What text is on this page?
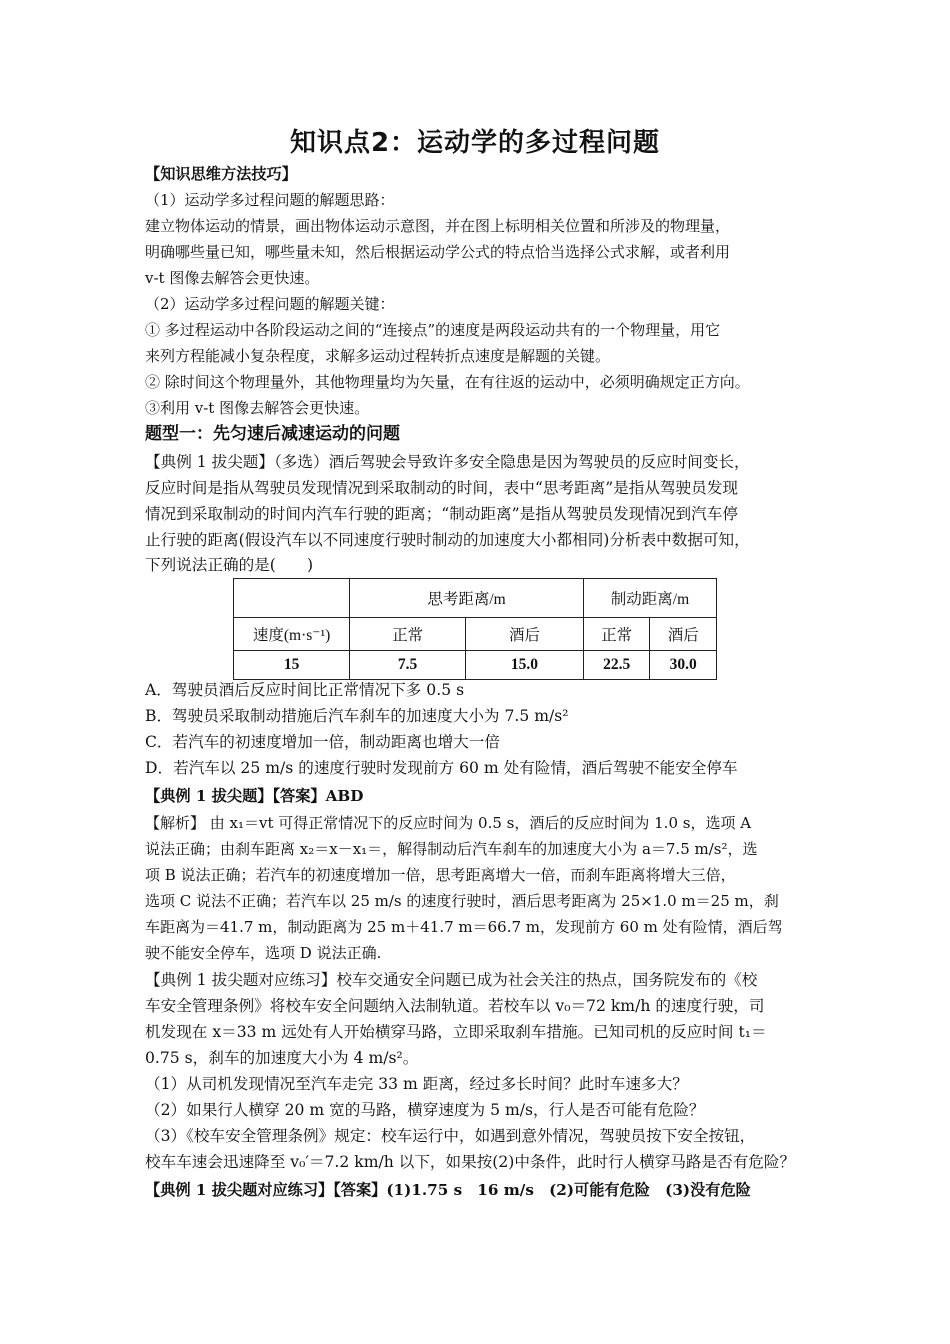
知识点2：运动学的多过程问题
【知识思维方法技巧】
（1）运动学多过程问题的解题思路：
建立物体运动的情景，画出物体运动示意图，并在图上标明相关位置和所涉及的物理量，
明确哪些量已知，哪些量未知，然后根据运动学公式的特点恰当选择公式求解，或者利用
v-t 图像去解答会更快速。
（2）运动学多过程问题的解题关键：
① 多过程运动中各阶段运动之间的“连接点”的速度是两段运动共有的一个物理量，用它
来列方程能减小复杂程度，求解多运动过程转折点速度是解题的关键。
② 除时间这个物理量外，其他物理量均为矢量，在有往返的运动中，必须明确规定正方向。
③利用 v-t 图像去解答会更快速。
题型一：先匀速后减速运动的问题
【典例 1 拔尖题】（多选）酒后驾驶会导致许多安全隐患是因为驾驶员的反应时间变长，
反应时间是指从驾驶员发现情况到采取制动的时间，表中“思考距离”是指从驾驶员发现
情况到采取制动的时间内汽车行驶的距离；“制动距离”是指从驾驶员发现情况到汽车停
止行驶的距离(假设汽车以不同速度行驶时制动的加速度大小都相同)分析表中数据可知，
下列说法正确的是(　　)
	思考距离/m		制动距离/m	
速度(m·s⁻¹)	正常	酒后	正常	酒后
15	7.5	15.0	22.5	30.0
A．驾驶员酒后反应时间比正常情况下多 0.5 s
B．驾驶员采取制动措施后汽车刹车的加速度大小为 7.5 m/s²
C．若汽车的初速度增加一倍，制动距离也增大一倍
D．若汽车以 25 m/s 的速度行驶时发现前方 60 m 处有险情，酒后驾驶不能安全停车
【典例 1 拔尖题】【答案】ABD
【解析】 由 x₁＝vt 可得正常情况下的反应时间为 0.5 s，酒后的反应时间为 1.0 s，选项 A
说法正确；由刹车距离 x₂＝x－x₁＝，解得制动后汽车刹车的加速度大小为 a＝7.5 m/s²，选
项 B 说法正确；若汽车的初速度增加一倍，思考距离增大一倍，而刹车距离将增大三倍，
选项 C 说法不正确；若汽车以 25 m/s 的速度行驶时，酒后思考距离为 25×1.0 m＝25 m，刹
车距离为＝41.7 m，制动距离为 25 m＋41.7 m＝66.7 m，发现前方 60 m 处有险情，酒后驾
驶不能安全停车，选项 D 说法正确.
【典例 1 拔尖题对应练习】校车交通安全问题已成为社会关注的热点，国务院发布的《校
车安全管理条例》将校车安全问题纳入法制轨道。若校车以 v₀＝72 km/h 的速度行驶，司
机发现在 x＝33 m 远处有人开始横穿马路，立即采取刹车措施。已知司机的反应时间 t₁＝
0.75 s，刹车的加速度大小为 4 m/s²。
（1）从司机发现情况至汽车走完 33 m 距离，经过多长时间？此时车速多大？
（2）如果行人横穿 20 m 宽的马路，横穿速度为 5 m/s，行人是否可能有危险？
（3）《校车安全管理条例》规定：校车运行中，如遇到意外情况，驾驶员按下安全按钮，
校车车速会迅速降至 v₀′＝7.2 km/h 以下，如果按(2)中条件，此时行人横穿马路是否有危险？
【典例 1 拔尖题对应练习】【答案】(1)1.75 s　16 m/s　(2)可能有危险　(3)没有危险
